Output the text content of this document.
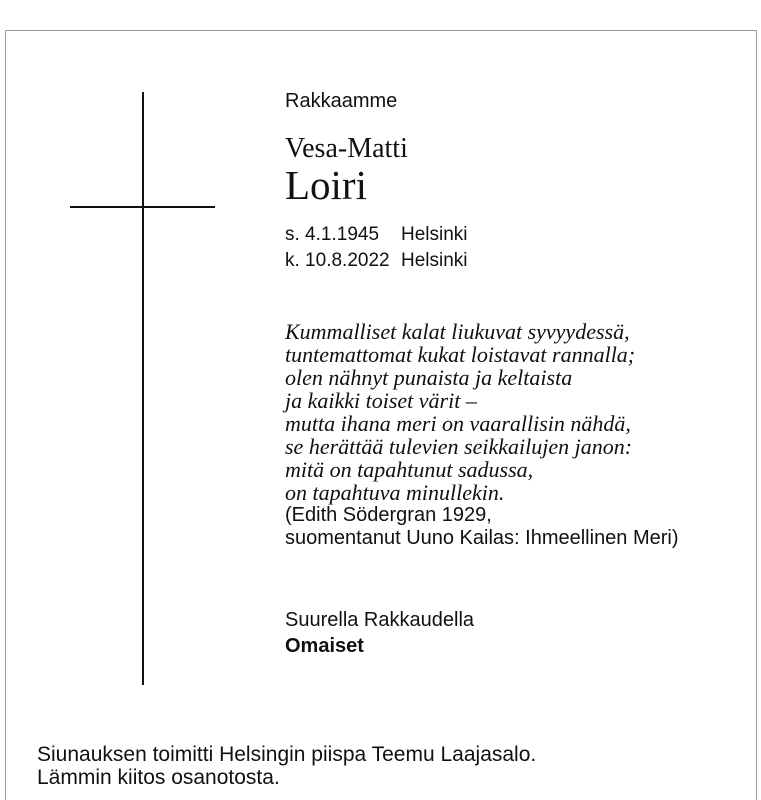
Rakkaamme
Vesa-Matti
Loiri
s. 4.1.1945	Helsinki
k. 10.8.2022 Helsinki
Kummalliset kalat liukuvat syvyydessä,
tuntemattomat kukat loistavat rannalla;
olen nähnyt punaista ja keltaista
ja kaikki toiset värit –
mutta ihana meri on vaarallisin nähdä,
se herättää tulevien seikkailujen janon:
mitä on tapahtunut sadussa,
on tapahtuva minullekin.
(Edith Södergran 1929,
suomentanut Uuno Kailas: Ihmeellinen Meri)
Suurella Rakkaudella
Omaiset
Siunauksen toimitti Helsingin piispa Teemu Laajasalo.
Lämmin kiitos osanotosta.
